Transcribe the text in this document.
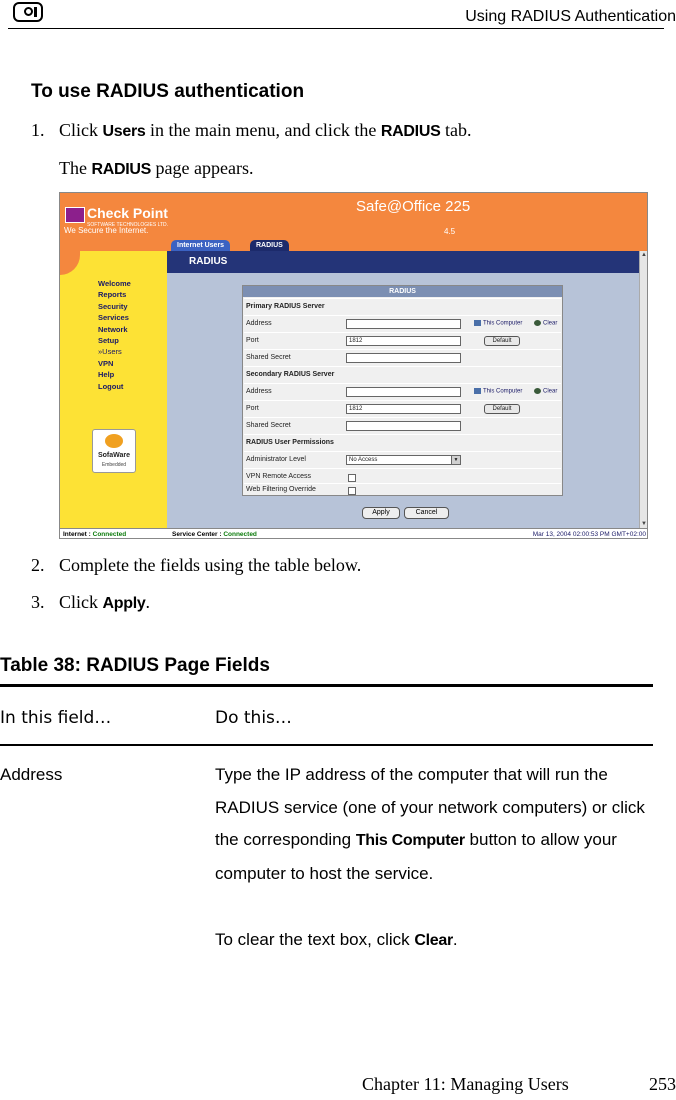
Using RADIUS Authentication
To use RADIUS authentication
1. Click Users in the main menu, and click the RADIUS tab.
The RADIUS page appears.
Check Point
SOFTWARE TECHNOLOGIES LTD.
We Secure the Internet.
Safe@Office 225
4.5
Internet Users	RADIUS
Welcome
Reports
Security
Services
Network
Setup
»Users
VPN
Help
Logout
SofaWare
Embedded
RADIUS
▲
▼
RADIUS
Primary RADIUS Server
Address	This Computer	Clear
Port	1812	Default
Shared Secret
Secondary RADIUS Server
Address	This Computer	Clear
Port	1812	Default
Shared Secret
RADIUS User Permissions
Administrator Level	No Access	▼
VPN Remote Access
Web Filtering Override
Apply	Cancel
Internet : Connected	Service Center : Connected	Mar 13, 2004 02:00:53 PM GMT+02:00
2. Complete the fields using the table below.
3. Click Apply.
Table 38: RADIUS Page Fields
In this field…	Do this…
Address	Type the IP address of the computer that will run the RADIUS service (one of your network computers) or click the corresponding This Computer button to allow your computer to host the service.
To clear the text box, click Clear.
Chapter 11: Managing Users	253
